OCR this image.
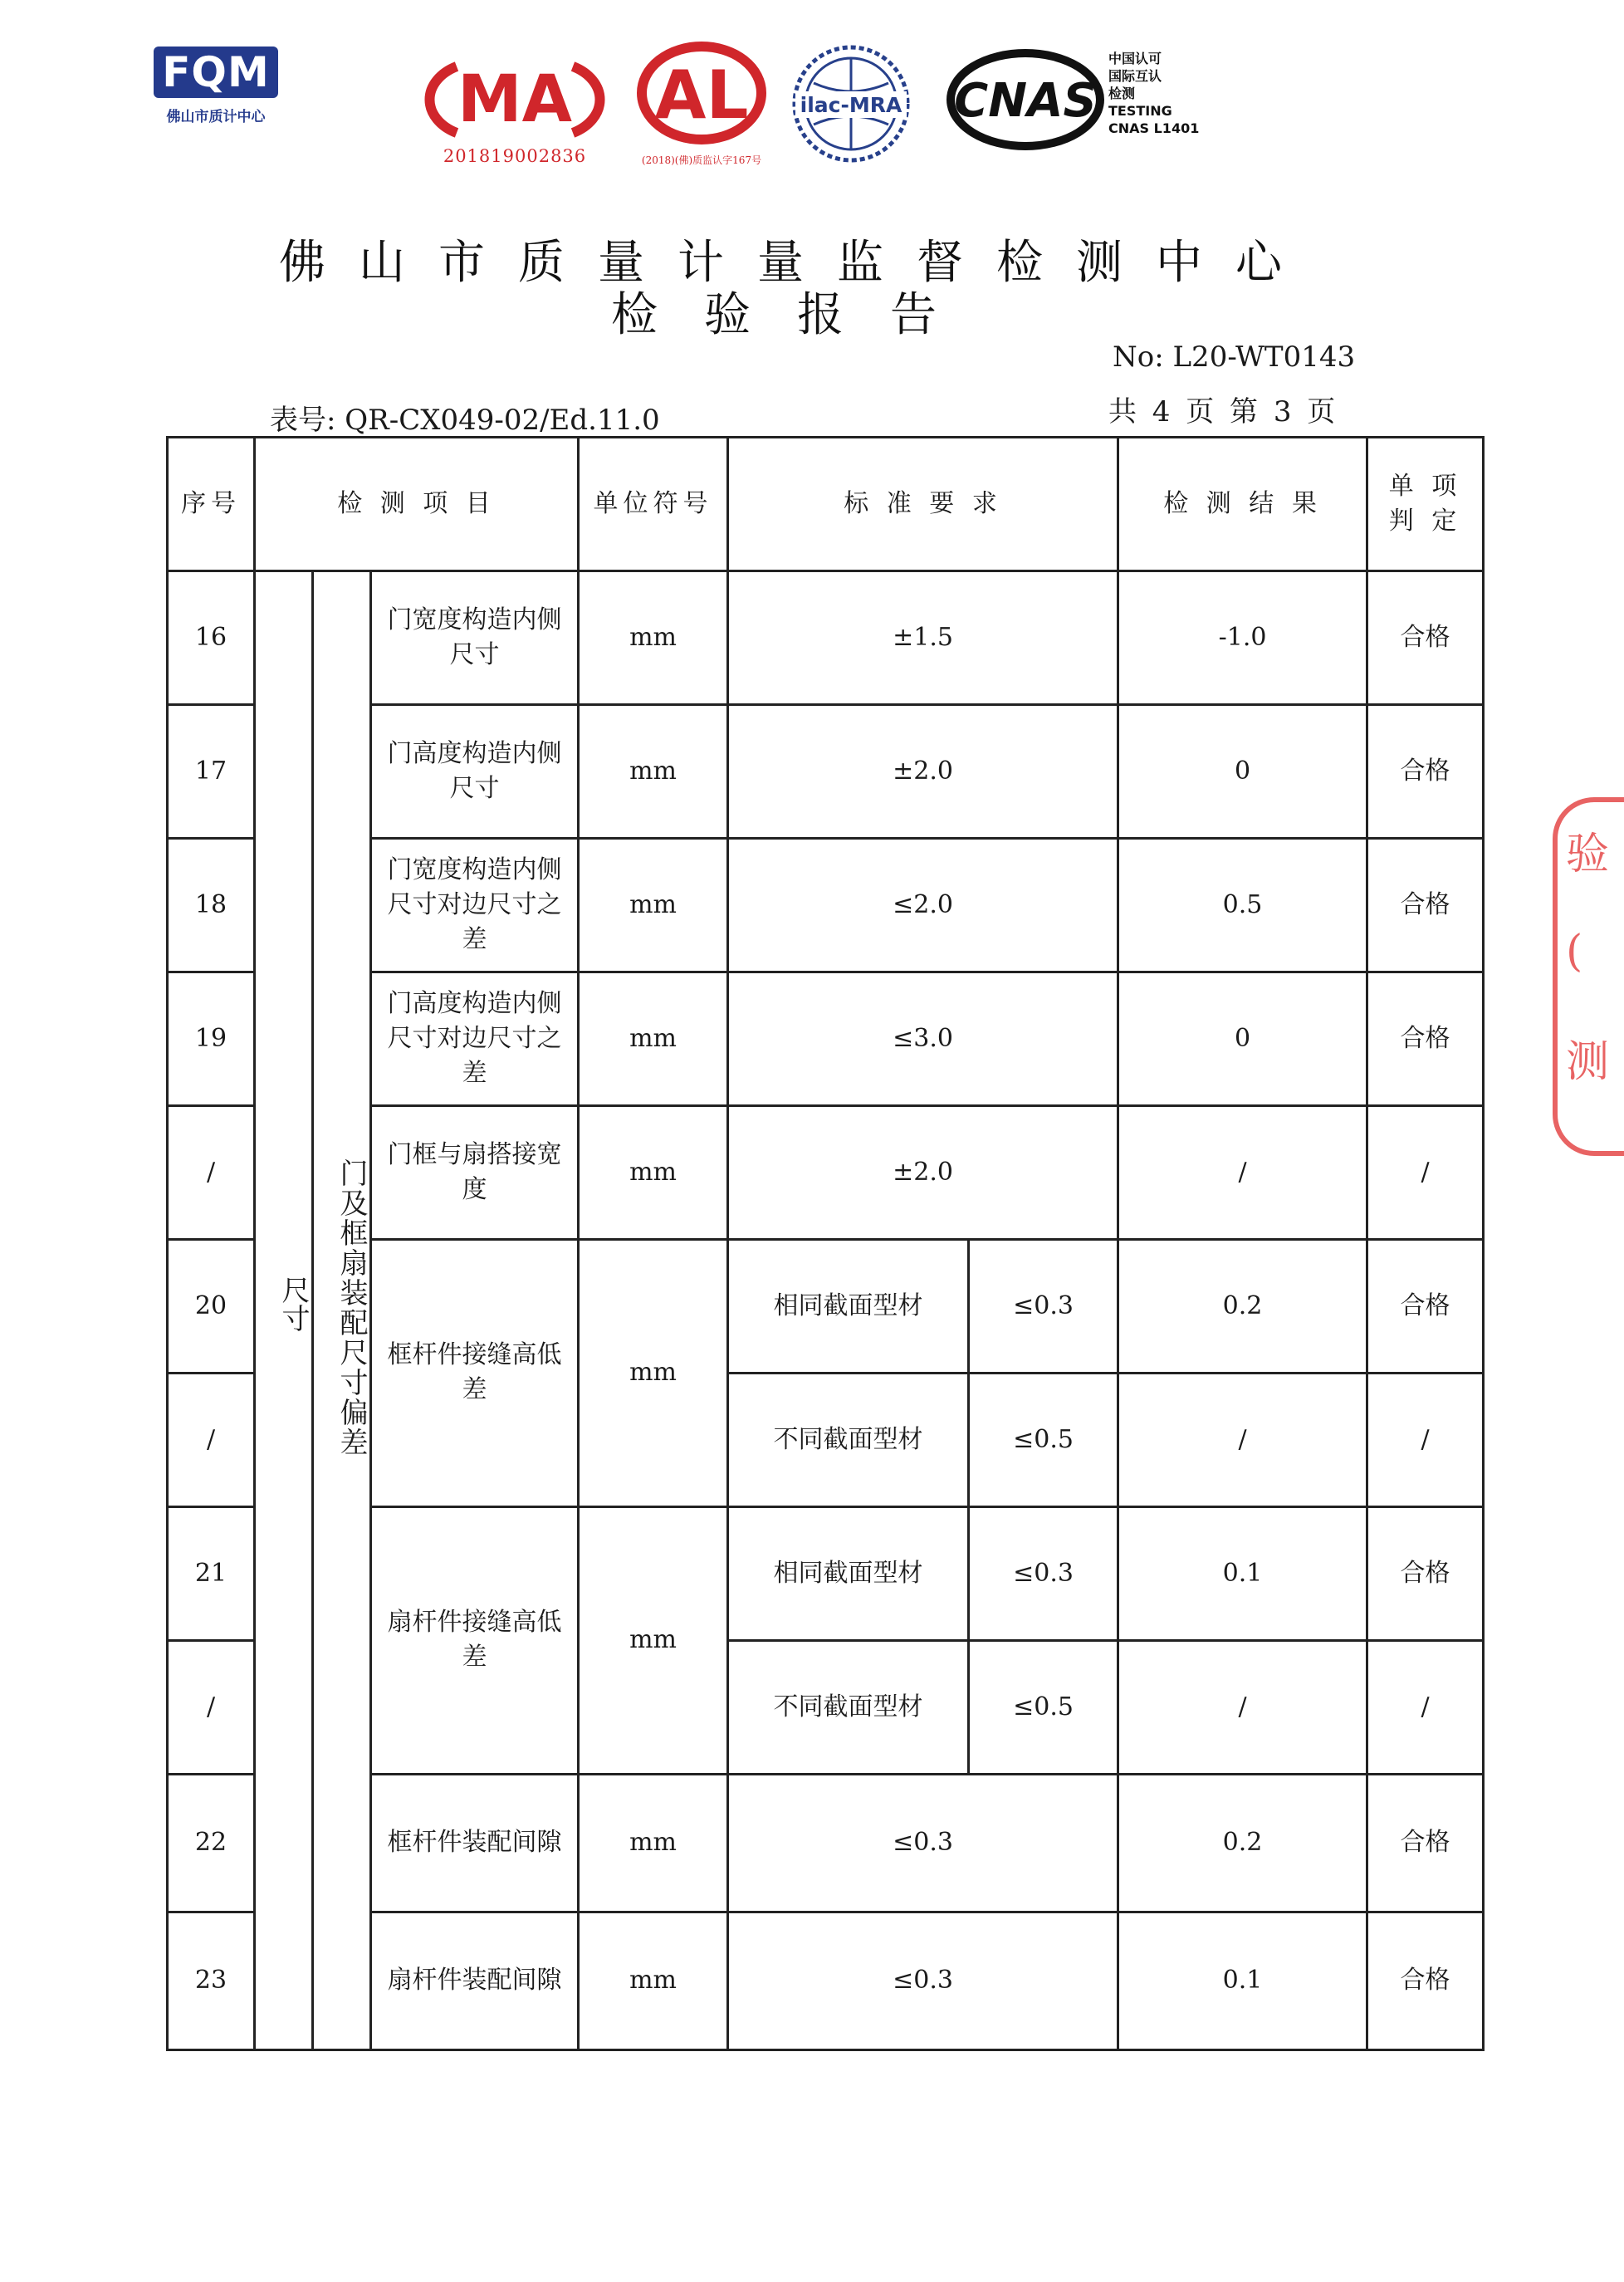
FQM
佛山市质计中心	MA
201819002836
AL
(2018)(佛)质监认字167号
ilac-MRA CNAS
中国认可
国际互认
检测
TESTING
CNAS L1401
佛山市质量计量监督检测中心
检验报告
No: L20-WT0143
表号: QR-CX049-02/Ed.11.0	共 4 页 第 3 页
序号	检 测 项 目			单位符号	标 准 要 求		检 测 结 果	单 项 判 定
16			门宽度构造内侧尺寸	mm	±1.5		-1.0	合格
17			门高度构造内侧尺寸	mm	±2.0		0	合格
18			门宽度构造内侧尺寸对边尺寸之差	mm	≤2.0		0.5	合格
19			门高度构造内侧尺寸对边尺寸之差	mm	≤3.0		0	合格
/			门框与扇搭接宽度	mm	±2.0		/	/
20			框杆件接缝高低差	mm	相同截面型材	≤0.3	0.2	合格
/					不同截面型材	≤0.5	/	/
21			扇杆件接缝高低差	mm	相同截面型材	≤0.3	0.1	合格
/					不同截面型材	≤0.5	/	/
22			框杆件装配间隙	mm	≤0.3		0.2	合格
23			扇杆件装配间隙	mm	≤0.3		0.1	合格
尺寸 门及框扇装配尺寸偏差
验
(
测
